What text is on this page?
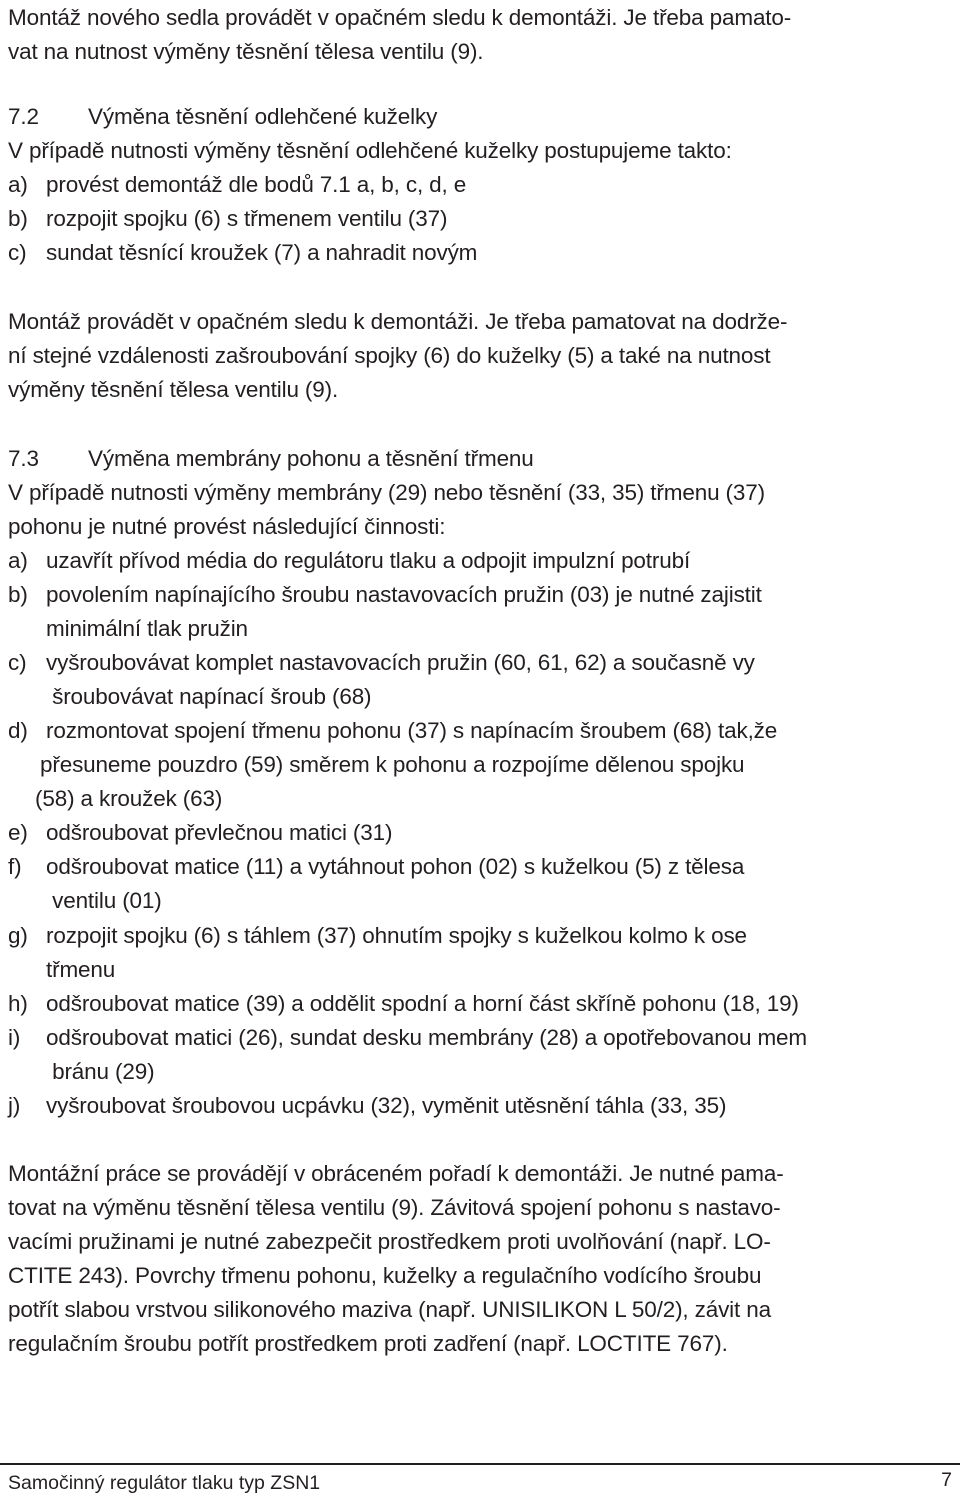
Montáž nového sedla provádět v opačném sledu k demontáži. Je třeba pamato-
vat na nutnost výměny těsnění tělesa ventilu (9).
7.2 Výměna těsnění odlehčené kuželky
V případě nutnosti výměny těsnění odlehčené kuželky postupujeme takto:
a) provést demontáž dle bodů 7.1 a, b, c, d, e
b) rozpojit spojku (6) s třmenem ventilu (37)
c) sundat těsnící kroužek (7) a nahradit novým
Montáž provádět v opačném sledu k demontáži. Je třeba pamatovat na dodrže-
ní stejné vzdálenosti zašroubování spojky (6) do kuželky (5) a také na nutnost
výměny těsnění tělesa ventilu (9).
7.3 Výměna membrány pohonu a těsnění třmenu
V případě nutnosti výměny membrány (29) nebo těsnění (33, 35) třmenu (37)
pohonu je nutné provést následující činnosti:
a) uzavřít přívod média do regulátoru tlaku a odpojit impulzní potrubí
b) povolením napínajícího šroubu nastavovacích pružin (03) je nutné zajistit
minimální tlak pružin
c) vyšroubovávat komplet nastavovacích pružin (60, 61, 62) a současně vy
šroubovávat napínací šroub (68)
d) rozmontovat spojení třmenu pohonu (37) s napínacím šroubem (68) tak,že
přesuneme pouzdro (59) směrem k pohonu a rozpojíme dělenou spojku
(58) a kroužek (63)
e) odšroubovat převlečnou matici (31)
f) odšroubovat matice (11) a vytáhnout pohon (02) s kuželkou (5) z tělesa
ventilu (01)
g) rozpojit spojku (6) s táhlem (37) ohnutím spojky s kuželkou kolmo k ose
třmenu
h) odšroubovat matice (39) a oddělit spodní a horní část skříně pohonu (18, 19)
i) odšroubovat matici (26), sundat desku membrány (28) a opotřebovanou mem
bránu (29)
j) vyšroubovat šroubovou ucpávku (32), vyměnit utěsnění táhla (33, 35)
Montážní práce se provádějí v obráceném pořadí k demontáži. Je nutné pama-
tovat na výměnu těsnění tělesa ventilu (9). Závitová spojení pohonu s nastavo-
vacími pružinami je nutné zabezpečit prostředkem proti uvolňování (např. LO-
CTITE 243). Povrchy třmenu pohonu, kuželky a regulačního vodícího šroubu
potřít slabou vrstvou silikonového maziva (např. UNISILIKON L 50/2), závit na
regulačním šroubu potřít prostředkem proti zadření (např. LOCTITE 767).
Samočinný regulátor tlaku typ ZSN1	7
